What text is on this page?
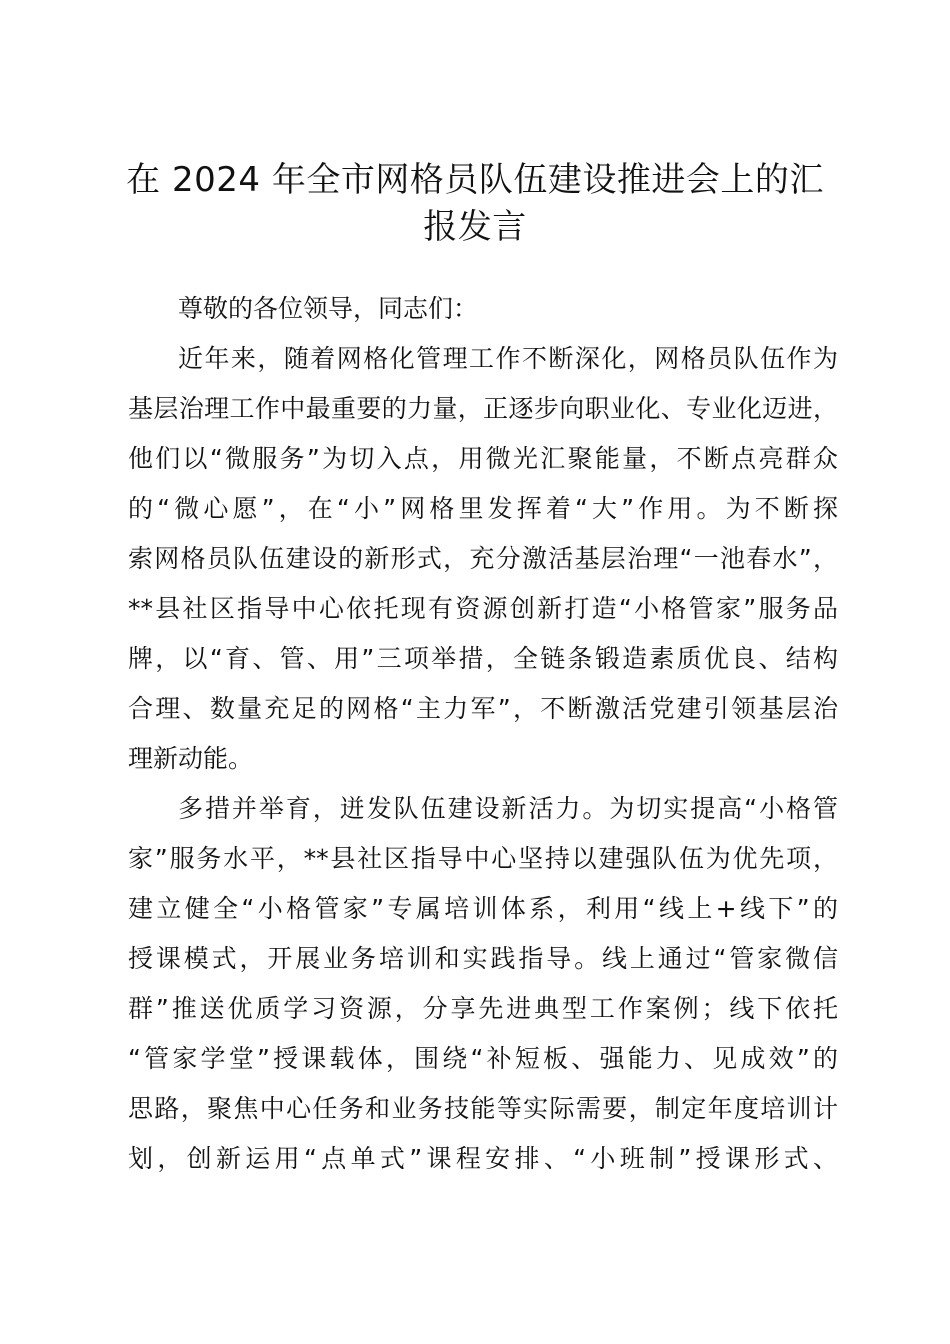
在 2024 年全市网格员队伍建设推进会上的汇
报发言
尊敬的各位领导，同志们：
近年来，随着网格化管理工作不断深化，网格员队伍作为
基层治理工作中最重要的力量，正逐步向职业化、专业化迈进，
他们以“微服务”为切入点，用微光汇聚能量，不断点亮群众
的“微心愿”，在“小”网格里发挥着“大”作用。为不断探
索网格员队伍建设的新形式，充分激活基层治理“一池春水”，
**县社区指导中心依托现有资源创新打造“小格管家”服务品
牌，以“育、管、用”三项举措，全链条锻造素质优良、结构
合理、数量充足的网格“主力军”，不断激活党建引领基层治
理新动能。
多措并举育，迸发队伍建设新活力。为切实提高“小格管
家”服务水平，**县社区指导中心坚持以建强队伍为优先项，
建立健全“小格管家”专属培训体系，利用“线上+线下”的
授课模式，开展业务培训和实践指导。线上通过“管家微信
群”推送优质学习资源，分享先进典型工作案例；线下依托
“管家学堂”授课载体，围绕“补短板、强能力、见成效”的
思路，聚焦中心任务和业务技能等实际需要，制定年度培训计
划，创新运用“点单式”课程安排、“小班制”授课形式、
